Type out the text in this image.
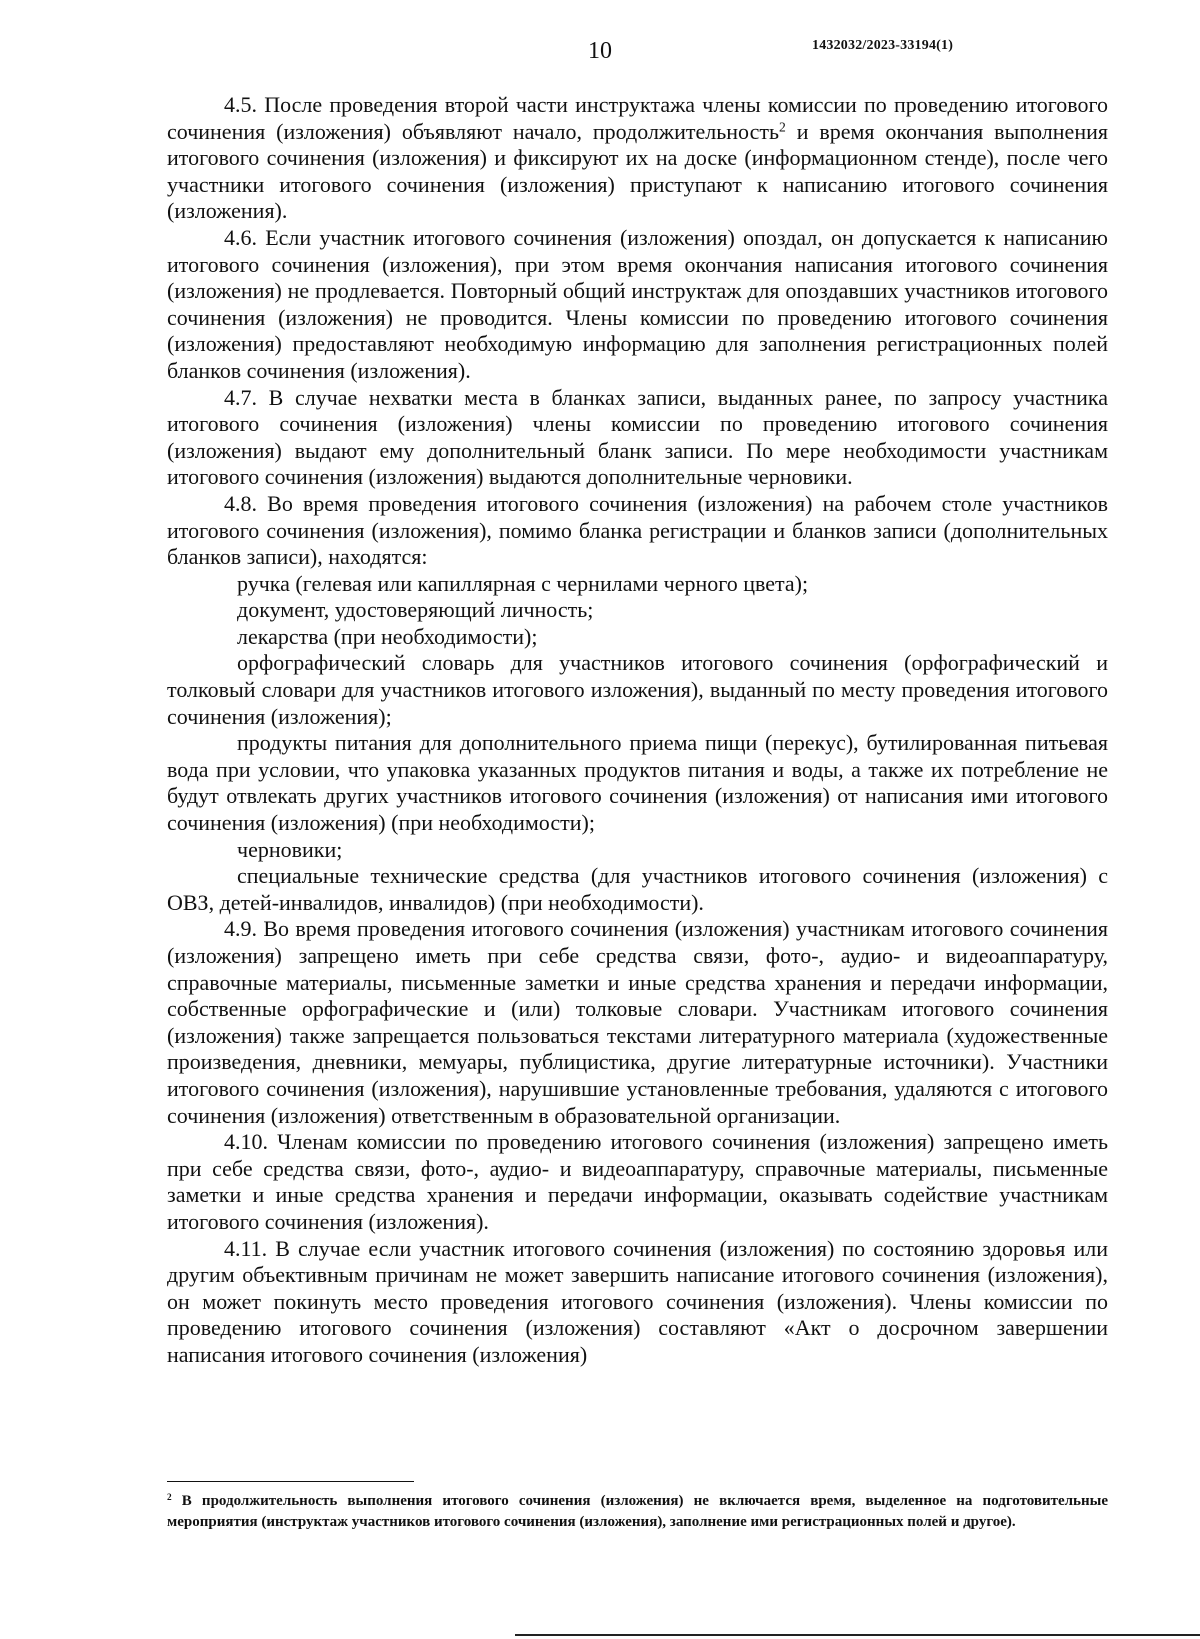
10	1432032/2023-33194(1)

4.5. После проведения второй части инструктажа члены комиссии по проведению итогового сочинения (изложения) объявляют начало, продолжительность$^2$ и время окончания выполнения итогового сочинения (изложения) и фиксируют их на доске (информационном стенде), после чего участники итогового сочинения (изложения) приступают к написанию итогового сочинения (изложения).

4.6. Если участник итогового сочинения (изложения) опоздал, он допускается к написанию итогового сочинения (изложения), при этом время окончания написания итогового сочинения (изложения) не продлевается. Повторный общий инструктаж для опоздавших участников итогового сочинения (изложения) не проводится. Члены комиссии по проведению итогового сочинения (изложения) предоставляют необходимую информацию для заполнения регистрационных полей бланков сочинения (изложения).

4.7. В случае нехватки места в бланках записи, выданных ранее, по запросу участника итогового сочинения (изложения) члены комиссии по проведению итогового сочинения (изложения) выдают ему дополнительный бланк записи. По мере необходимости участникам итогового сочинения (изложения) выдаются дополнительные черновики.

4.8. Во время проведения итогового сочинения (изложения) на рабочем столе участников итогового сочинения (изложения), помимо бланка регистрации и бланков записи (дополнительных бланков записи), находятся:

ручка (гелевая или капиллярная с чернилами черного цвета);

документ, удостоверяющий личность;

лекарства (при необходимости);

орфографический словарь для участников итогового сочинения (орфографический и толковый словари для участников итогового изложения), выданный по месту проведения итогового сочинения (изложения);

продукты питания для дополнительного приема пищи (перекус), бутилированная питьевая вода при условии, что упаковка указанных продуктов питания и воды, а также их потребление не будут отвлекать других участников итогового сочинения (изложения) от написания ими итогового сочинения (изложения) (при необходимости);

черновики;

специальные технические средства (для участников итогового сочинения (изложения) с ОВЗ, детей-инвалидов, инвалидов) (при необходимости).

4.9. Во время проведения итогового сочинения (изложения) участникам итогового сочинения (изложения) запрещено иметь при себе средства связи, фото-, аудио- и видеоаппаратуру, справочные материалы, письменные заметки и иные средства хранения и передачи информации, собственные орфографические и (или) толковые словари. Участникам итогового сочинения (изложения) также запрещается пользоваться текстами литературного материала (художественные произведения, дневники, мемуары, публицистика, другие литературные источники). Участники итогового сочинения (изложения), нарушившие установленные требования, удаляются с итогового сочинения (изложения) ответственным в образовательной организации.

4.10. Членам комиссии по проведению итогового сочинения (изложения) запрещено иметь при себе средства связи, фото-, аудио- и видеоаппаратуру, справочные материалы, письменные заметки и иные средства хранения и передачи информации, оказывать содействие участникам итогового сочинения (изложения).

4.11. В случае если участник итогового сочинения (изложения) по состоянию здоровья или другим объективным причинам не может завершить написание итогового сочинения (изложения), он может покинуть место проведения итогового сочинения (изложения). Члены комиссии по проведению итогового сочинения (изложения) составляют «Акт о досрочном завершении написания итогового сочинения (изложения)

$^2$ В продолжительность выполнения итогового сочинения (изложения) не включается время, выделенное на подготовительные мероприятия (инструктаж участников итогового сочинения (изложения), заполнение ими регистрационных полей и другое).
